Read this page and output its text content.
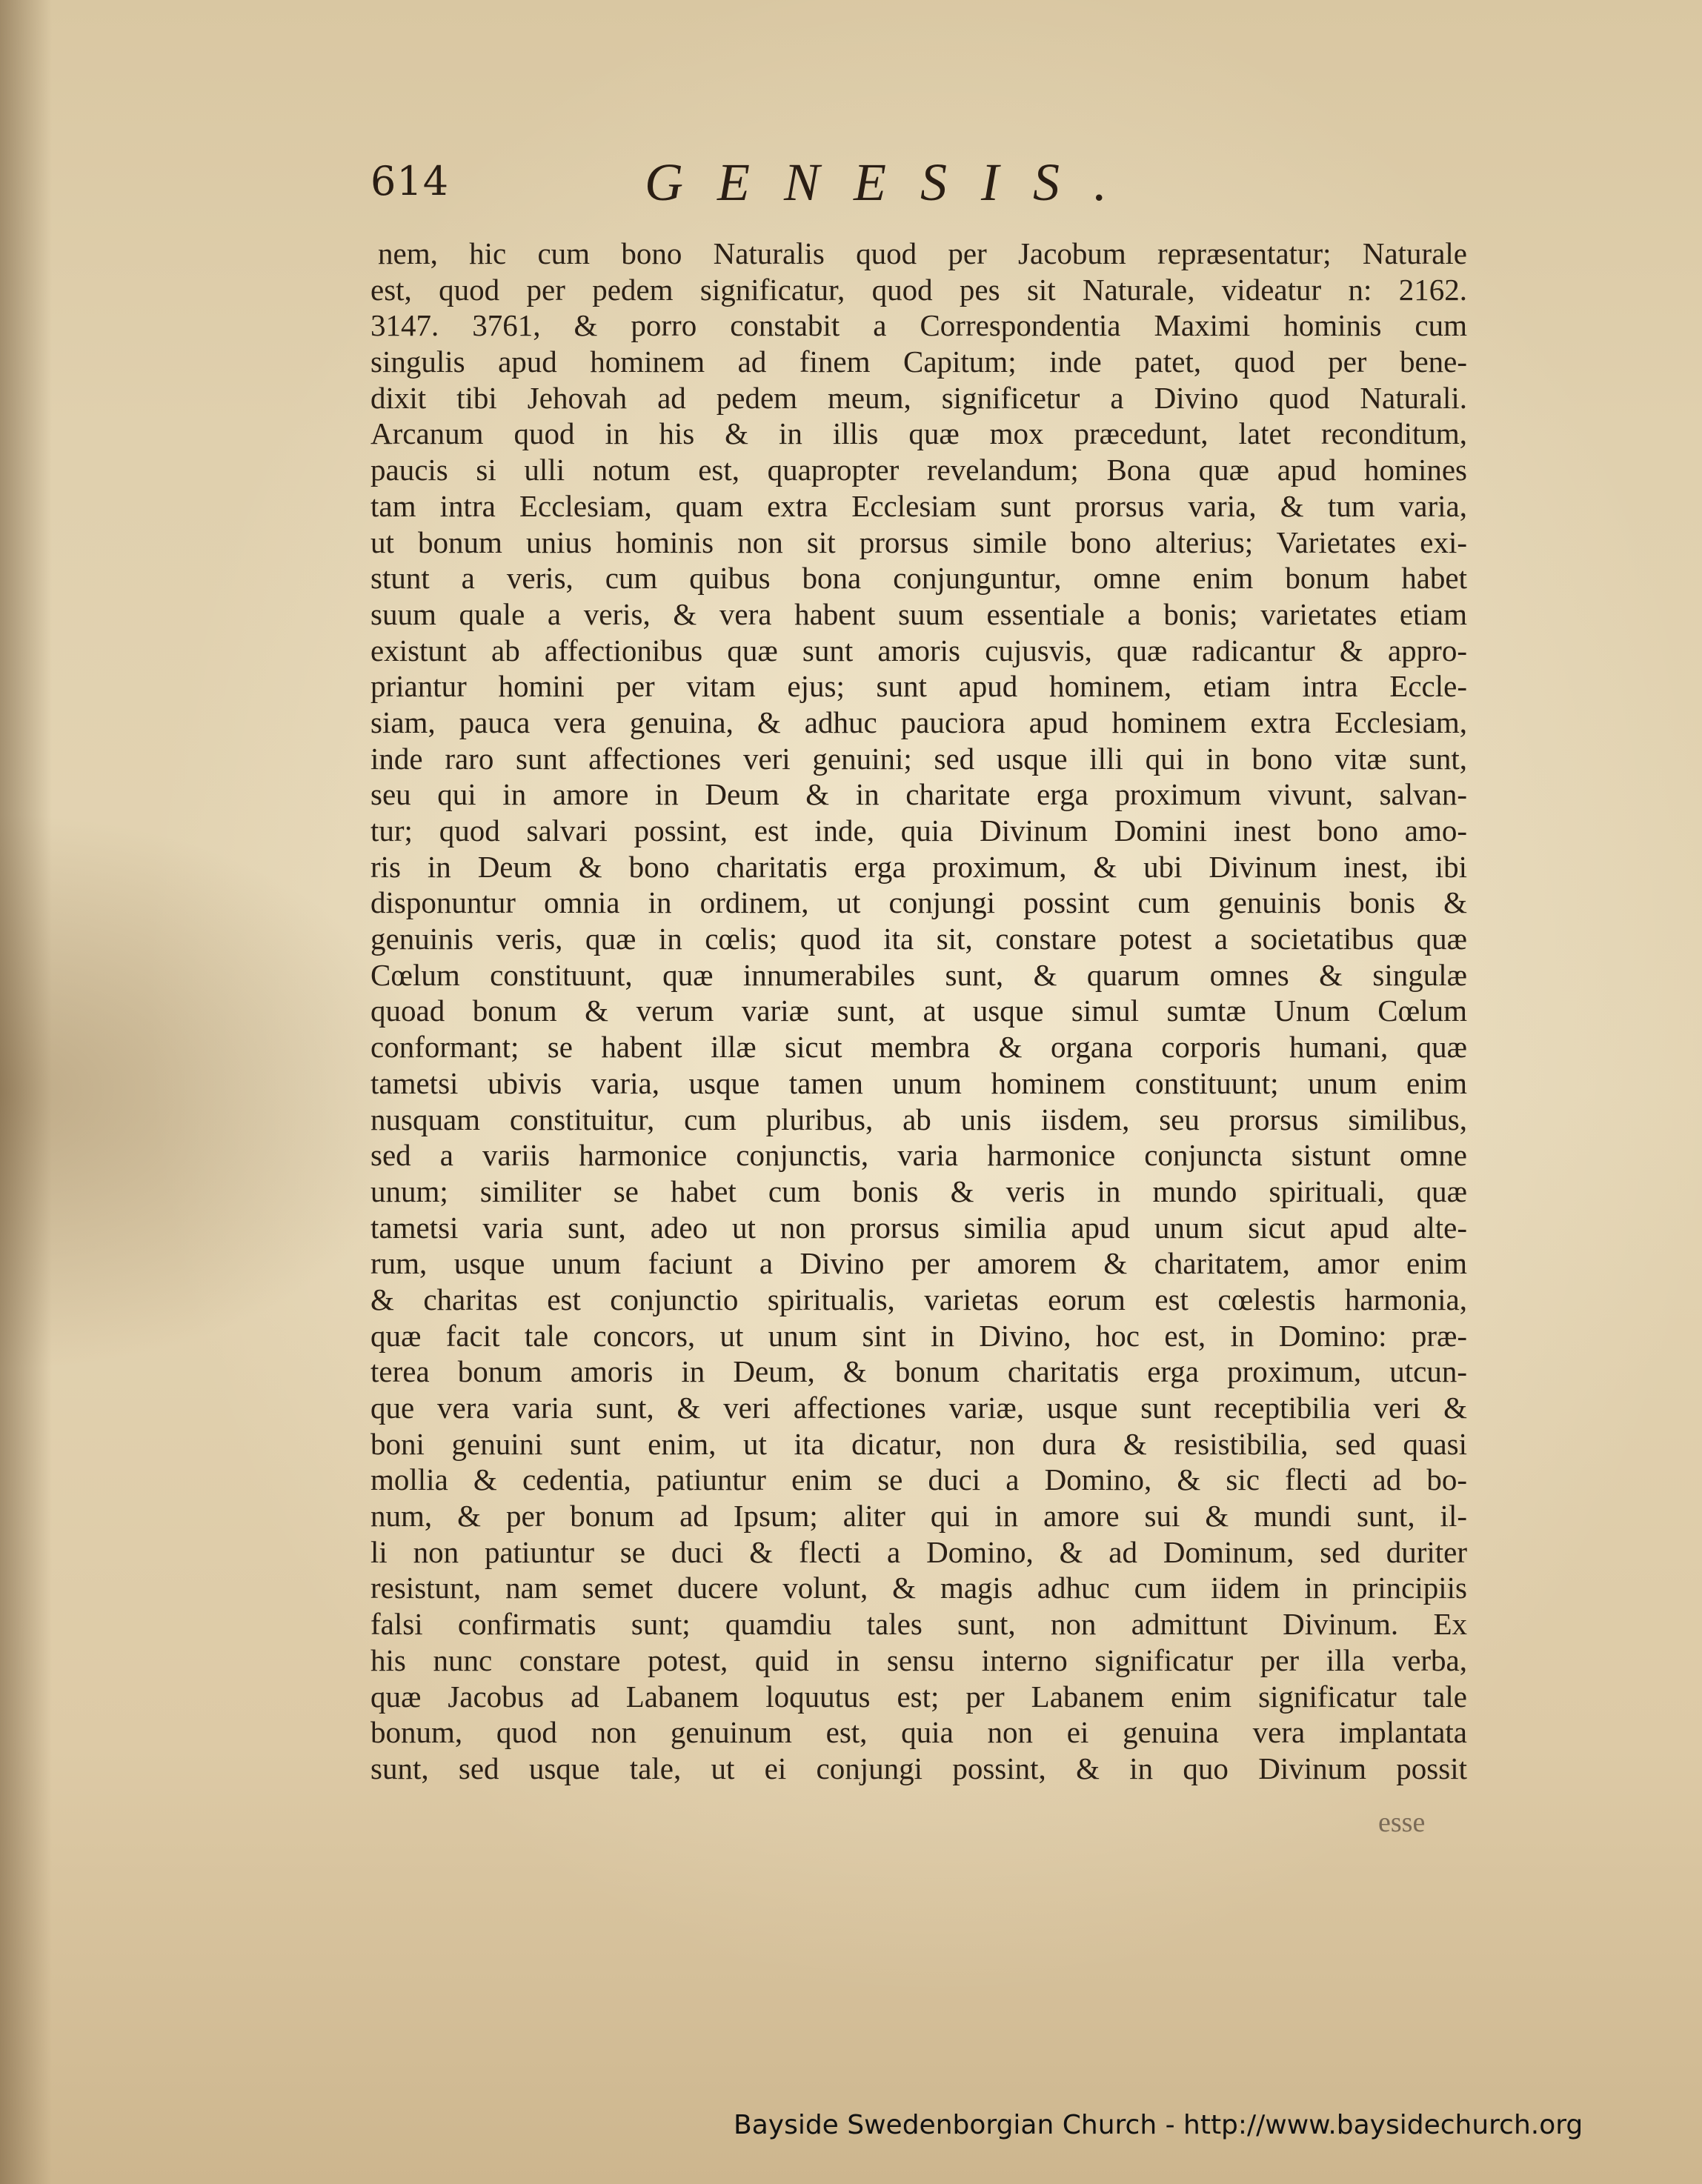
614	GENESIS.
nem, hic cum bono Naturalis quod per Jacobum repræsentatur; Naturale
est, quod per pedem significatur, quod pes sit Naturale, videatur n: 2162.
3147. 3761, & porro constabit a Correspondentia Maximi hominis cum
singulis apud hominem ad finem Capitum; inde patet, quod per bene-
dixit tibi Jehovah ad pedem meum, significetur a Divino quod Naturali.
Arcanum quod in his & in illis quæ mox præcedunt, latet reconditum,
paucis si ulli notum est, quapropter revelandum; Bona quæ apud homines
tam intra Ecclesiam, quam extra Ecclesiam sunt prorsus varia, & tum varia,
ut bonum unius hominis non sit prorsus simile bono alterius; Varietates exi-
stunt a veris, cum quibus bona conjunguntur, omne enim bonum habet
suum quale a veris, & vera habent suum essentiale a bonis; varietates etiam
existunt ab affectionibus quæ sunt amoris cujusvis, quæ radicantur & appro-
priantur homini per vitam ejus; sunt apud hominem, etiam intra Eccle-
siam, pauca vera genuina, & adhuc pauciora apud hominem extra Ecclesiam,
inde raro sunt affectiones veri genuini; sed usque illi qui in bono vitæ sunt,
seu qui in amore in Deum & in charitate erga proximum vivunt, salvan-
tur; quod salvari possint, est inde, quia Divinum Domini inest bono amo-
ris in Deum & bono charitatis erga proximum, & ubi Divinum inest, ibi
disponuntur omnia in ordinem, ut conjungi possint cum genuinis bonis &
genuinis veris, quæ in cœlis; quod ita sit, constare potest a societatibus quæ
Cœlum constituunt, quæ innumerabiles sunt, & quarum omnes & singulæ
quoad bonum & verum variæ sunt, at usque simul sumtæ Unum Cœlum
conformant; se habent illæ sicut membra & organa corporis humani, quæ
tametsi ubivis varia, usque tamen unum hominem constituunt; unum enim
nusquam constituitur, cum pluribus, ab unis iisdem, seu prorsus similibus,
sed a variis harmonice conjunctis, varia harmonice conjuncta sistunt omne
unum; similiter se habet cum bonis & veris in mundo spirituali, quæ
tametsi varia sunt, adeo ut non prorsus similia apud unum sicut apud alte-
rum, usque unum faciunt a Divino per amorem & charitatem, amor enim
& charitas est conjunctio spiritualis, varietas eorum est cœlestis harmonia,
quæ facit tale concors, ut unum sint in Divino, hoc est, in Domino: præ-
terea bonum amoris in Deum, & bonum charitatis erga proximum, utcun-
que vera varia sunt, & veri affectiones variæ, usque sunt receptibilia veri &
boni genuini sunt enim, ut ita dicatur, non dura & resistibilia, sed quasi
mollia & cedentia, patiuntur enim se duci a Domino, & sic flecti ad bo-
num, & per bonum ad Ipsum; aliter qui in amore sui & mundi sunt, il-
li non patiuntur se duci & flecti a Domino, & ad Dominum, sed duriter
resistunt, nam semet ducere volunt, & magis adhuc cum iidem in principiis
falsi confirmatis sunt; quamdiu tales sunt, non admittunt Divinum. Ex
his nunc constare potest, quid in sensu interno significatur per illa verba,
quæ Jacobus ad Labanem loquutus est; per Labanem enim significatur tale
bonum, quod non genuinum est, quia non ei genuina vera implantata
sunt, sed usque tale, ut ei conjungi possint, & in quo Divinum possit
esse
Bayside Swedenborgian Church - http://www.baysidechurch.org
